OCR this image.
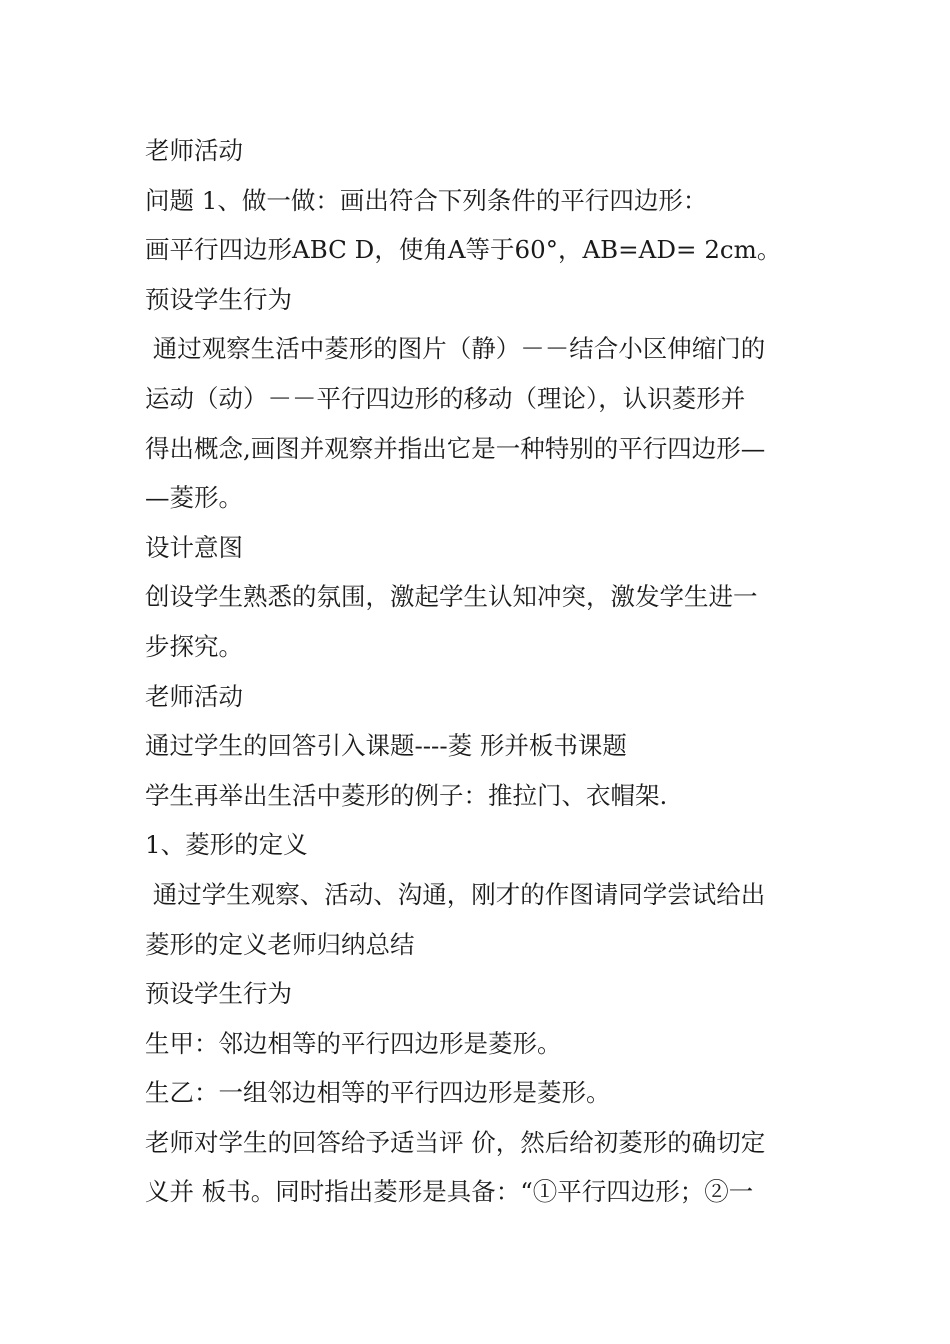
老师活动
问题 1、做一做：画出符合下列条件的平行四边形：
画平行四边形ABC D，使角A等于60°，AB=AD= 2cm。
预设学生行为
通过观察生活中菱形的图片（静）－－结合小区伸缩门的
运动（动）－－平行四边形的移动（理论），认识菱形并
得出概念,画图并观察并指出它是一种特别的平行四边形—
—菱形。
设计意图
创设学生熟悉的氛围，激起学生认知冲突，激发学生进一
步探究。
老师活动
通过学生的回答引入课题----菱 形并板书课题
学生再举出生活中菱形的例子：推拉门、衣帽架.
1、菱形的定义
通过学生观察、活动、沟通，刚才的作图请同学尝试给出
菱形的定义老师归纳总结
预设学生行为
生甲：邻边相等的平行四边形是菱形。
生乙：一组邻边相等的平行四边形是菱形。
老师对学生的回答给予适当评 价，然后给初菱形的确切定
义并 板书。同时指出菱形是具备：“①平行四边形；②一
